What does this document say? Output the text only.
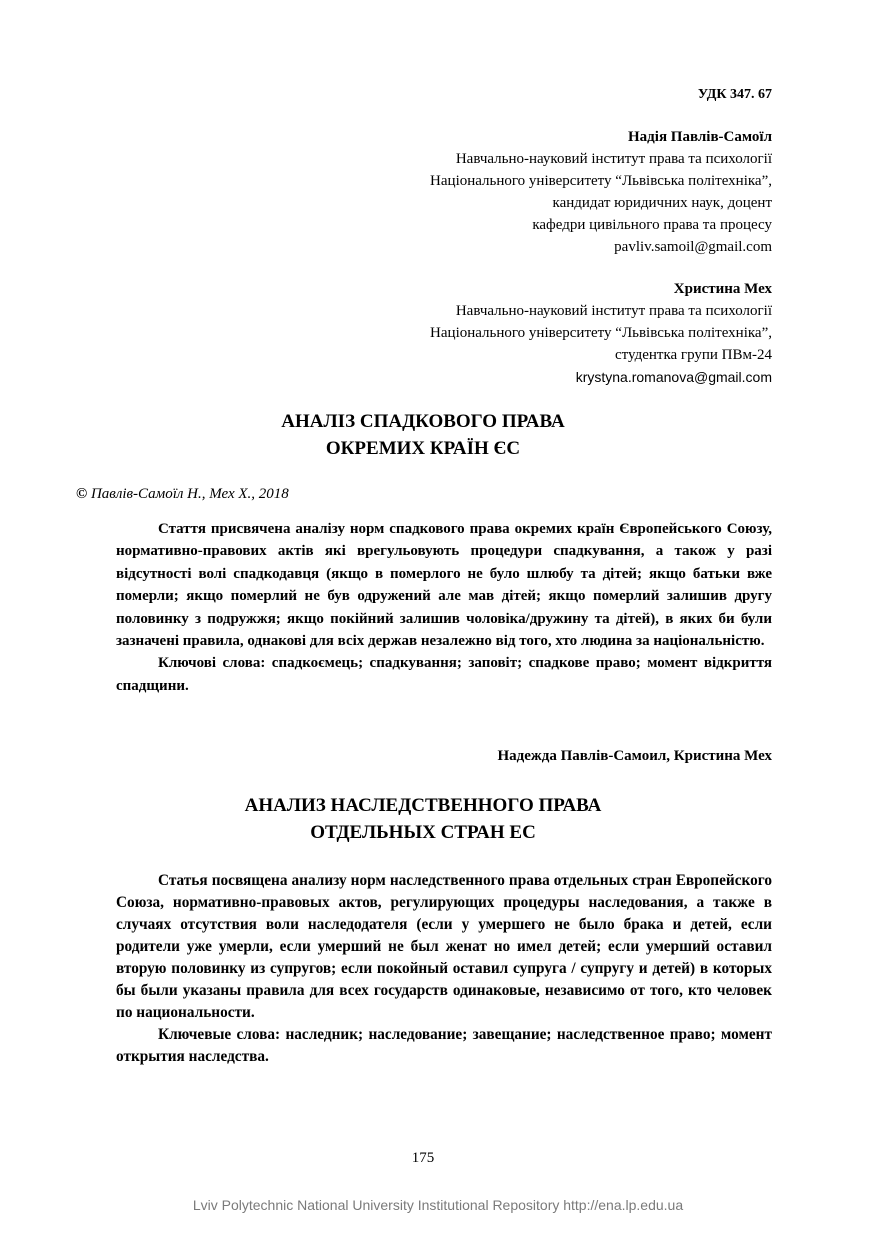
УДК 347. 67
Надія Павлів-Самоїл
Навчально-науковий інститут права та психології
Національного університету “Львівська політехніка”,
кандидат юридичних наук, доцент
кафедри цивільного права та процесу
pavliv.samoil@gmail.com
Христина Мех
Навчально-науковий інститут права та психології
Національного університету “Львівська політехніка”,
студентка групи ПВм-24
krystyna.romanova@gmail.com
АНАЛІЗ СПАДКОВОГО ПРАВА
ОКРЕМИХ КРАЇН ЄС
© Павлів-Самоїл Н., Мех Х., 2018

Стаття присвячена аналізу норм спадкового права окремих країн Європейського Союзу, нормативно-правових актів які врегульовують процедури спадкування, а також у разі відсутності волі спадкодавця (якщо в померлого не було шлюбу та дітей; якщо батьки вже померли; якщо померлий не був одружений але мав дітей; якщо померлий залишив другу половинку з подружжя; якщо покійний залишив чоловіка/дружину та дітей), в яких би були зазначені правила, однакові для всіх держав незалежно від того, хто людина за національністю.

Ключові слова: спадкоємець; спадкування; заповіт; спадкове право; момент відкриття спадщини.

Надежда Павлів-Самоил, Кристина Мех
АНАЛИЗ НАСЛЕДСТВЕННОГО ПРАВА
ОТДЕЛЬНЫХ СТРАН ЕС

Статья посвящена анализу норм наследственного права отдельных стран Европейского Союза, нормативно-правовых актов, регулирующих процедуры наследования, а также в случаях отсутствия воли наследодателя (если у умершего не было брака и детей, если родители уже умерли, если умерший не был женат но имел детей; если умерший оставил вторую половинку из супругов; если покойный оставил супруга / супругу и детей) в которых бы были указаны правила для всех государств одинаковые, независимо от того, кто человек по национальности.

Ключевые слова: наследник; наследование; завещание; наследственное право; момент открытия наследства.

175
Lviv Polytechnic National University Institutional Repository http://ena.lp.edu.ua
